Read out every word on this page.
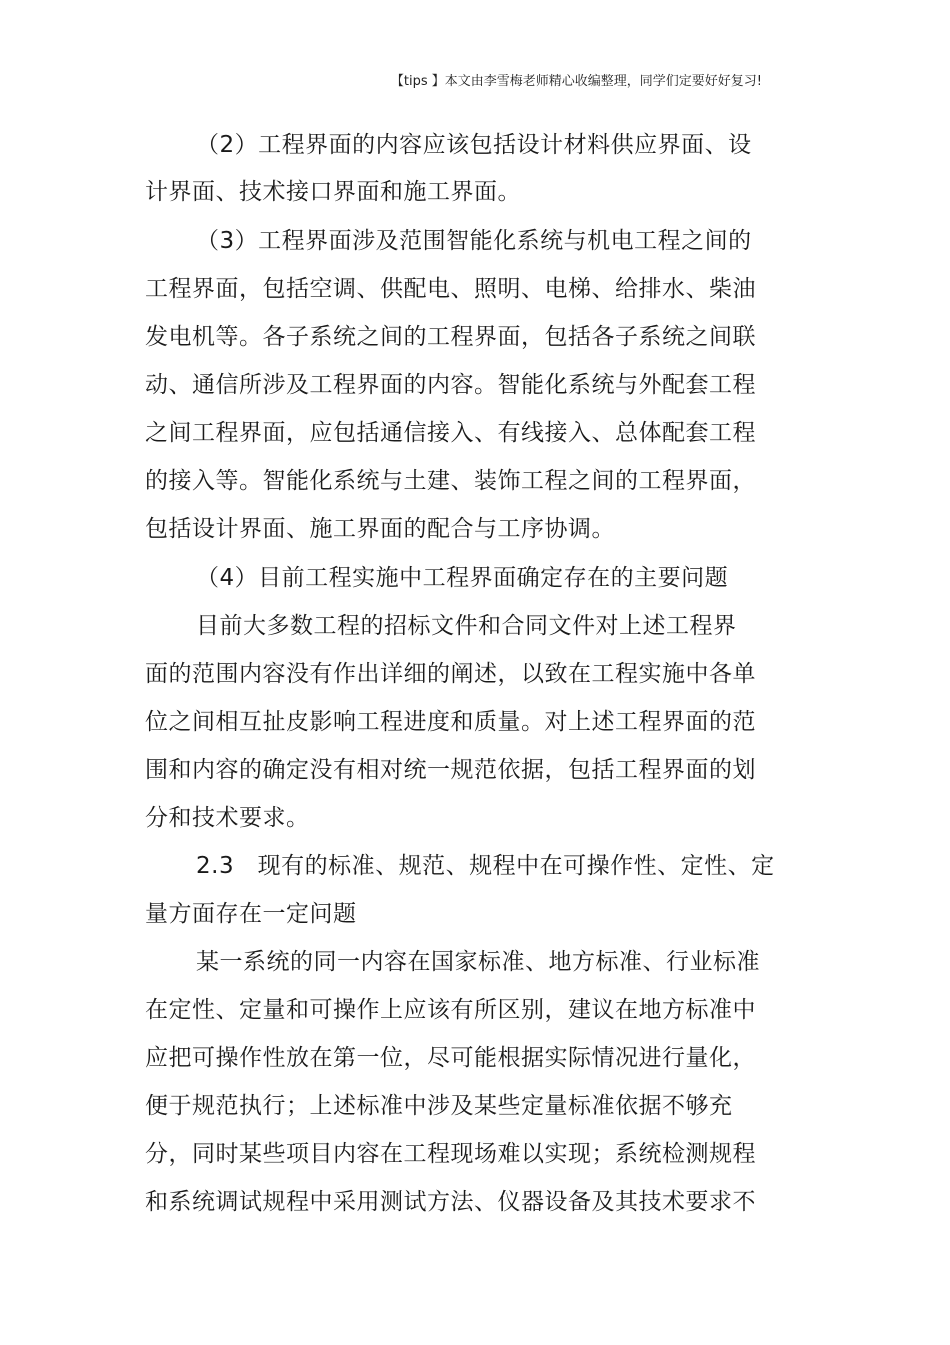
【tips 】本文由李雪梅老师精心收编整理，同学们定要好好复习!
（2）工程界面的内容应该包括设计材料供应界面、设
计界面、技术接口界面和施工界面。
（3）工程界面涉及范围智能化系统与机电工程之间的
工程界面，包括空调、供配电、照明、电梯、给排水、柴油
发电机等。各子系统之间的工程界面，包括各子系统之间联
动、通信所涉及工程界面的内容。智能化系统与外配套工程
之间工程界面，应包括通信接入、有线接入、总体配套工程
的接入等。智能化系统与土建、装饰工程之间的工程界面，
包括设计界面、施工界面的配合与工序协调。
（4）目前工程实施中工程界面确定存在的主要问题
目前大多数工程的招标文件和合同文件对上述工程界
面的范围内容没有作出详细的阐述，以致在工程实施中各单
位之间相互扯皮影响工程进度和质量。对上述工程界面的范
围和内容的确定没有相对统一规范依据，包括工程界面的划
分和技术要求。
2.3　现有的标准、规范、规程中在可操作性、定性、定
量方面存在一定问题
某一系统的同一内容在国家标准、地方标准、行业标准
在定性、定量和可操作上应该有所区别，建议在地方标准中
应把可操作性放在第一位，尽可能根据实际情况进行量化，
便于规范执行；上述标准中涉及某些定量标准依据不够充
分，同时某些项目内容在工程现场难以实现；系统检测规程
和系统调试规程中采用测试方法、仪器设备及其技术要求不
